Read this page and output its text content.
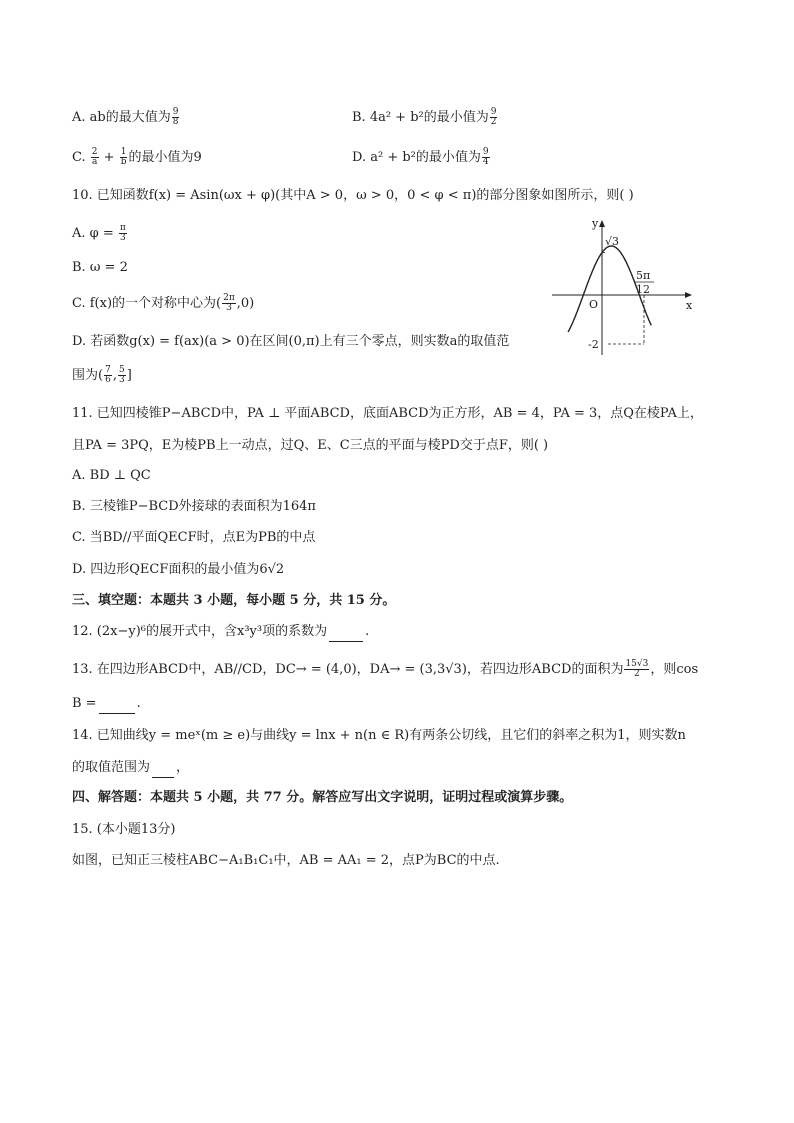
A. ab的最大值为 $\frac{9}{8}$	B. 4a² + b²的最小值为 $\frac{9}{2}$
C. $\frac{2}{a} + \frac{1}{b}$ 的最小值为9	D. a² + b²的最小值为 $\frac{9}{4}$
10. 已知函数f(x) = Asin(ωx + φ)(其中A > 0，ω > 0，0 < φ < π)的部分图象如图所示，则( )
A. $\varphi = \frac{\pi}{3}$
B. ω = 2
C. f(x)的一个对称中心为( $\frac{2\pi}{3} ,0$)
D. 若函数g(x) = f(ax)(a > 0)在区间(0,π)上有三个零点，则实数a的取值范
围为( $\frac{7}{6}$ , $\frac{5}{3}$ ]
y
x
O
√3
-2
5π
12
11. 已知四棱锥P−ABCD中，PA ⊥ 平面ABCD，底面ABCD为正方形，AB = 4，PA = 3，点Q在棱PA上，
且PA = 3PQ，E为棱PB上一动点，过Q、E、C三点的平面与棱PD交于点F，则( )
A. BD ⊥ QC
B. 三棱锥P−BCD外接球的表面积为164π
C. 当BD//平面QECF时，点E为PB的中点
D. 四边形QECF面积的最小值为6√2
三、填空题：本题共 3 小题，每小题 5 分，共 15 分。
12. (2x−y)⁶的展开式中，含x³y³项的系数为	.
13. 在四边形ABCD中，AB//CD，DC→ = (4,0)，DA→ = (3,3√3)，若四边形ABCD的面积为 $\frac{15√3}{2}$ ，则cos
B =	.
14. 已知曲线y = meˣ(m ≥ e)与曲线y = lnx + n(n ∈ R)有两条公切线，且它们的斜率之积为1，则实数n
的取值范围为 ，
四、解答题：本题共 5 小题，共 77 分。解答应写出文字说明，证明过程或演算步骤。
15. (本小题13分)
如图，已知正三棱柱ABC−A₁B₁C₁中，AB = AA₁ = 2，点P为BC的中点.
